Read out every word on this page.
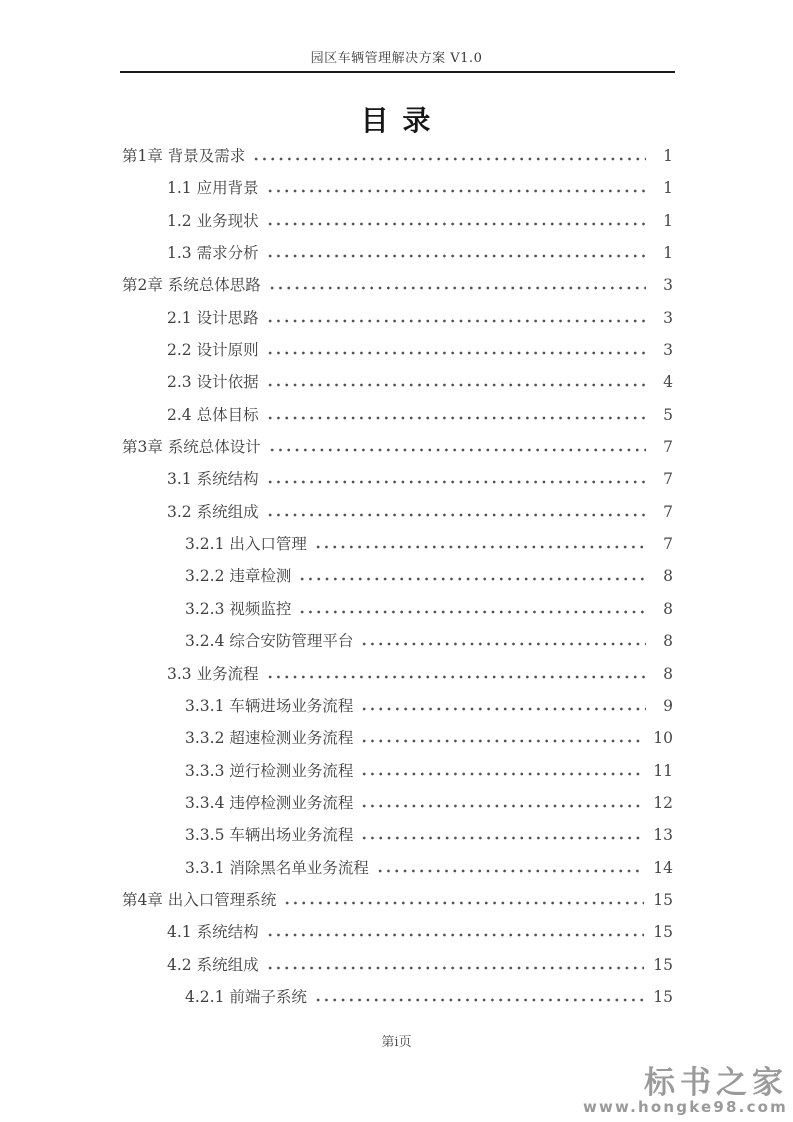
园区车辆管理解决方案 V1.0
目 录
第1章 背景及需求	1
1.1 应用背景	1
1.2 业务现状	1
1.3 需求分析	1
第2章 系统总体思路	3
2.1 设计思路	3
2.2 设计原则	3
2.3 设计依据	4
2.4 总体目标	5
第3章 系统总体设计	7
3.1 系统结构	7
3.2 系统组成	7
3.2.1 出入口管理	7
3.2.2 违章检测	8
3.2.3 视频监控	8
3.2.4 综合安防管理平台	8
3.3 业务流程	8
3.3.1 车辆进场业务流程	9
3.3.2 超速检测业务流程	10
3.3.3 逆行检测业务流程	11
3.3.4 违停检测业务流程	12
3.3.5 车辆出场业务流程	13
3.3.1 消除黑名单业务流程	14
第4章 出入口管理系统	15
4.1 系统结构	15
4.2 系统组成	15
4.2.1 前端子系统	15
第i页
标书之家
www.hongke98.com
